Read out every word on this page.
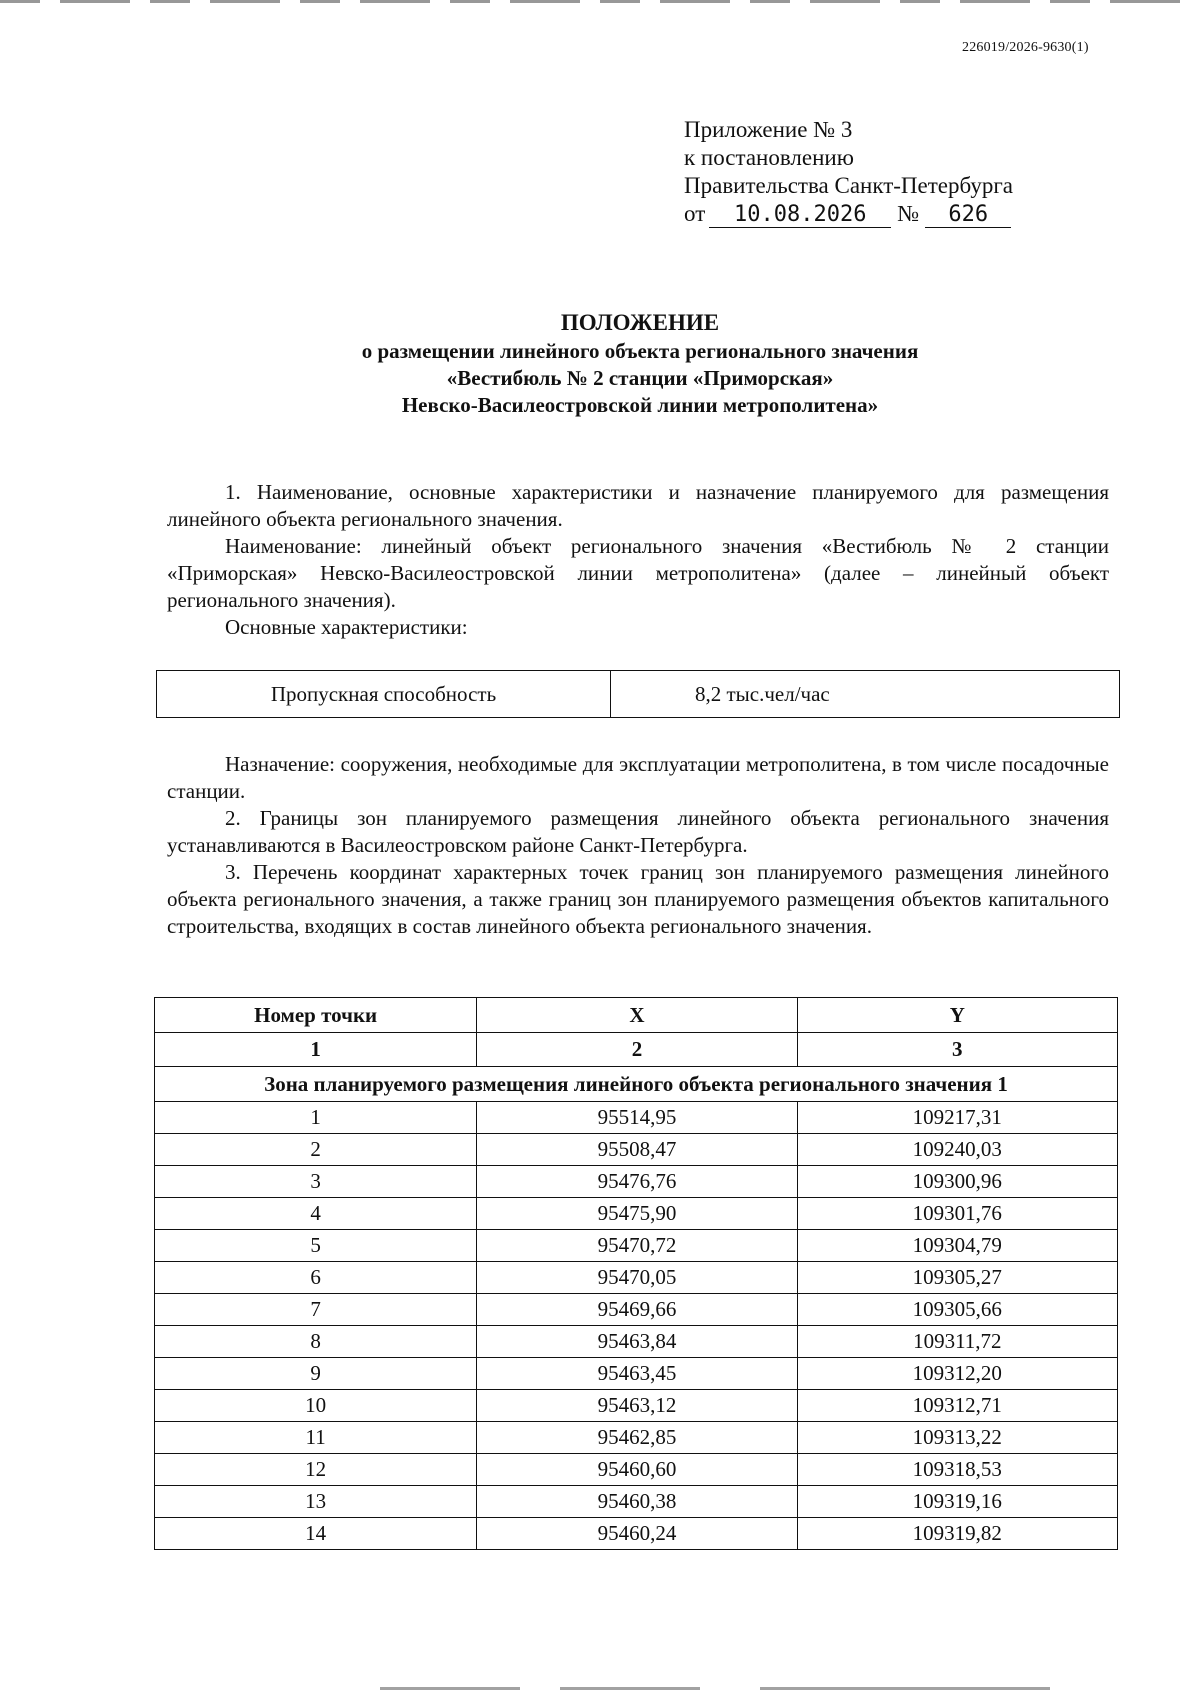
226019/2026-9630(1)
Приложение № 3
к постановлению
Правительства Санкт-Петербурга
от 10.08.2026 № 626
ПОЛОЖЕНИЕ
о размещении линейного объекта регионального значения
«Вестибюль № 2 станции «Приморская»
Невско-Василеостровской линии метрополитена»

1. Наименование, основные характеристики и назначение планируемого для размещения линейного объекта регионального значения.

Наименование: линейный объект регионального значения «Вестибюль № 2 станции «Приморская» Невско-Василеостровской линии метрополитена» (далее – линейный объект регионального значения).

Основные характеристики:

Пропускная способность	8,2 тыс.чел/час

Назначение: сооружения, необходимые для эксплуатации метрополитена, в том числе посадочные станции.

2. Границы зон планируемого размещения линейного объекта регионального значения устанавливаются в Василеостровском районе Санкт-Петербурга.

3. Перечень координат характерных точек границ зон планируемого размещения линейного объекта регионального значения, а также границ зон планируемого размещения объектов капитального строительства, входящих в состав линейного объекта регионального значения.

Номер точки	X	Y
1	2	3
Зона планируемого размещения линейного объекта регионального значения 1		
1	95514,95	109217,31
2	95508,47	109240,03
3	95476,76	109300,96
4	95475,90	109301,76
5	95470,72	109304,79
6	95470,05	109305,27
7	95469,66	109305,66
8	95463,84	109311,72
9	95463,45	109312,20
10	95463,12	109312,71
11	95462,85	109313,22
12	95460,60	109318,53
13	95460,38	109319,16
14	95460,24	109319,82
